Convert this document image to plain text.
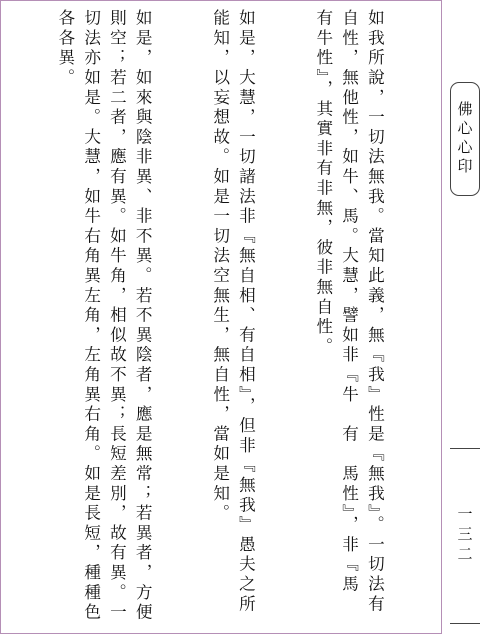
如我所說，一切法無我。當知此義，無『我』性是『無我』。一切法有自性，無他性，如牛、馬。大慧，譬如非『牛　有　馬性』，非『馬　有牛性』，其實非有非無，彼非無自性。

如是，大慧，一切諸法非『無自相、有自相』，但非『無我』愚夫之所能知，以妄想故。如是一切法空無生，無自性，當如是知。

如是，如來與陰非異、非不異。若不異陰者，應是無常；若異者，方便則空；若二者，應有異。如牛角，相似故不異；長短差別，故有異。一切法亦如是。大慧，如牛右角異左角，左角異右角。如是長短，種種色各各異。

佛心心印
一三二
